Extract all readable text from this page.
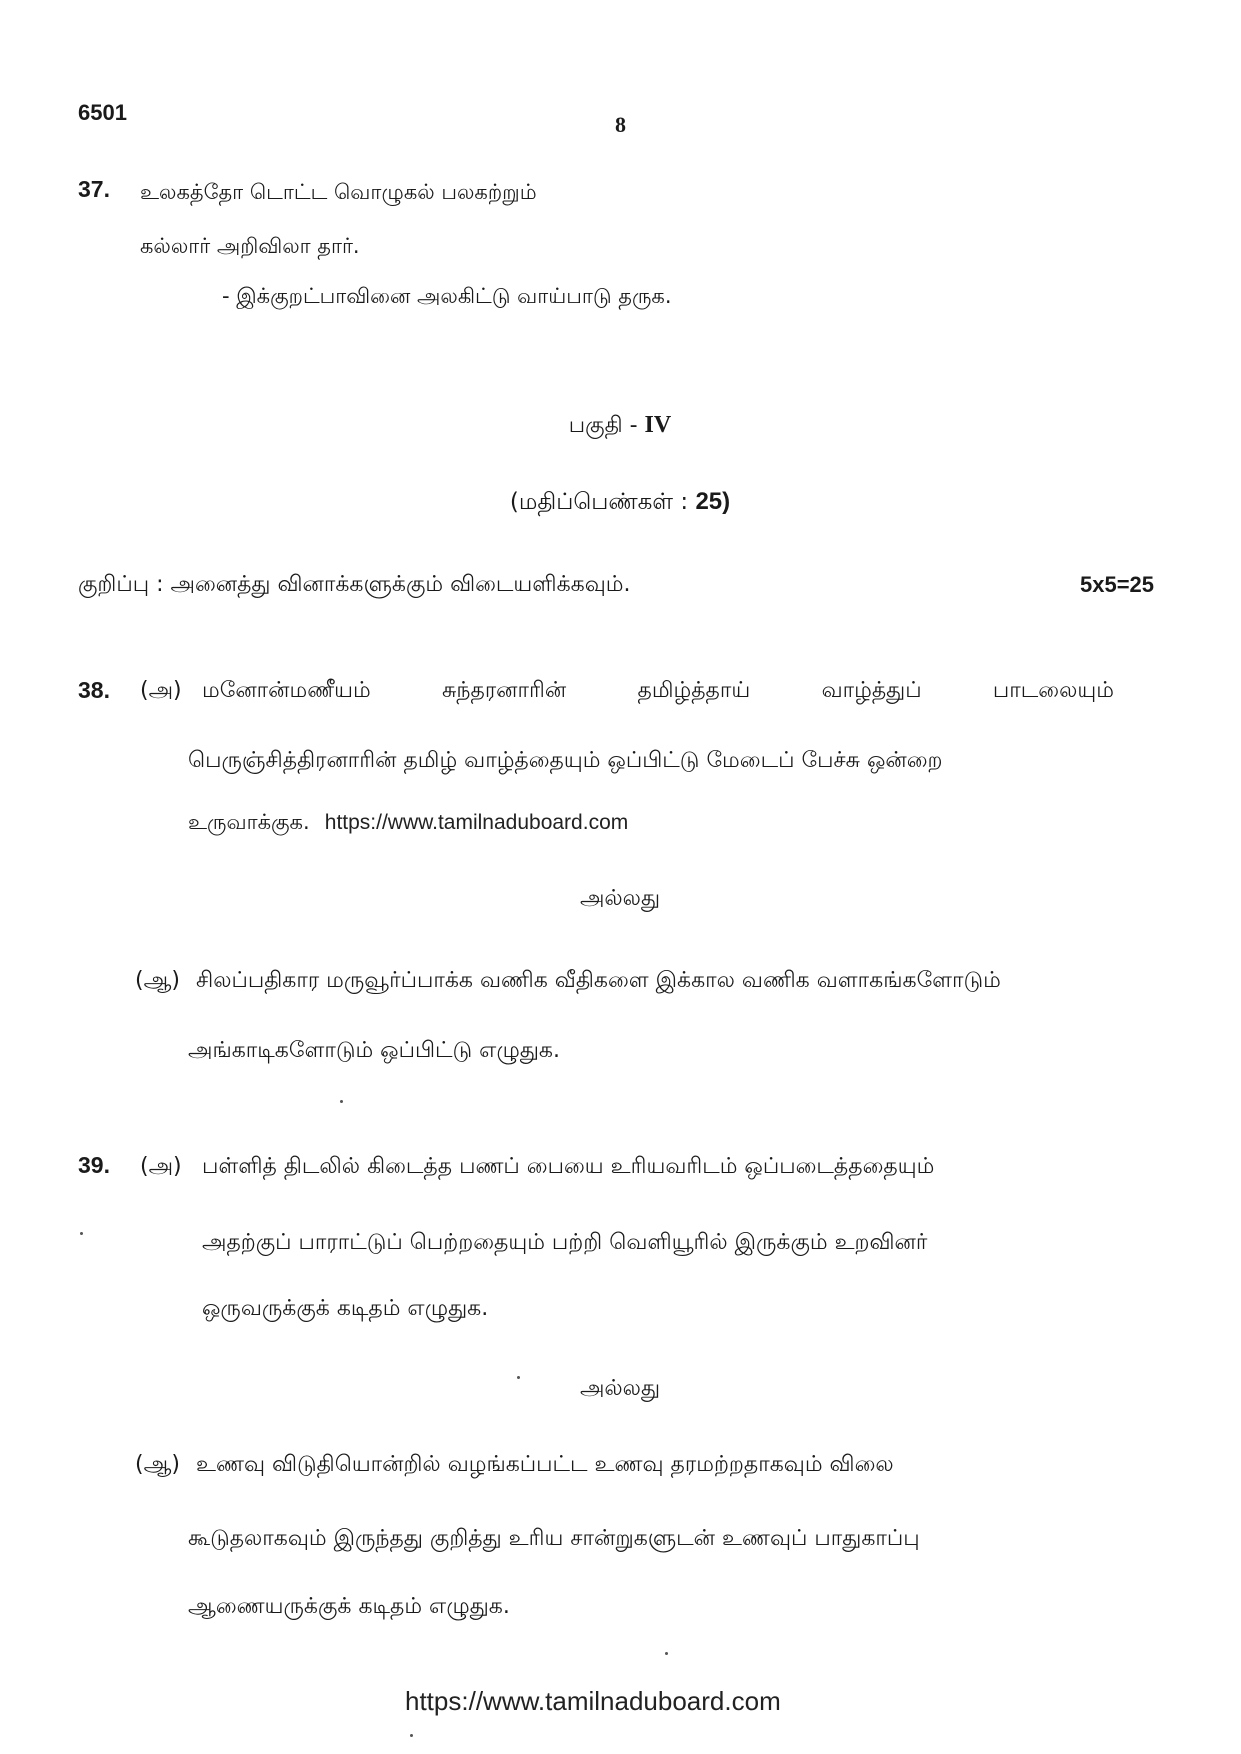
6501	8
37. உலகத்தோ டொட்ட வொழுகல் பலகற்றும்
கல்லார் அறிவிலா தார்.
- இக்குறட்பாவினை அலகிட்டு வாய்பாடு தருக.
பகுதி - IV
(மதிப்பெண்கள் : 25)
குறிப்பு : அனைத்து வினாக்களுக்கும் விடையளிக்கவும்.	5x5=25
38. (அ) மனோன்மணீயம்	சுந்தரனாரின்	தமிழ்த்தாய்	வாழ்த்துப்	பாடலையும்
பெருஞ்சித்திரனாரின் தமிழ் வாழ்த்தையும் ஒப்பிட்டு மேடைப் பேச்சு ஒன்றை
உருவாக்குக. https://www.tamilnaduboard.com
அல்லது
(ஆ) சிலப்பதிகார மருவூர்ப்பாக்க வணிக வீதிகளை இக்கால வணிக வளாகங்களோடும்
அங்காடிகளோடும் ஒப்பிட்டு எழுதுக.
39. (அ) பள்ளித் திடலில் கிடைத்த பணப் பையை உரியவரிடம் ஒப்படைத்ததையும்
அதற்குப் பாராட்டுப் பெற்றதையும் பற்றி வெளியூரில் இருக்கும் உறவினர்
ஒருவருக்குக் கடிதம் எழுதுக.
அல்லது
(ஆ) உணவு விடுதியொன்றில் வழங்கப்பட்ட உணவு தரமற்றதாகவும் விலை
கூடுதலாகவும் இருந்தது குறித்து உரிய சான்றுகளுடன் உணவுப் பாதுகாப்பு
ஆணையருக்குக் கடிதம் எழுதுக.
https://www.tamilnaduboard.com
